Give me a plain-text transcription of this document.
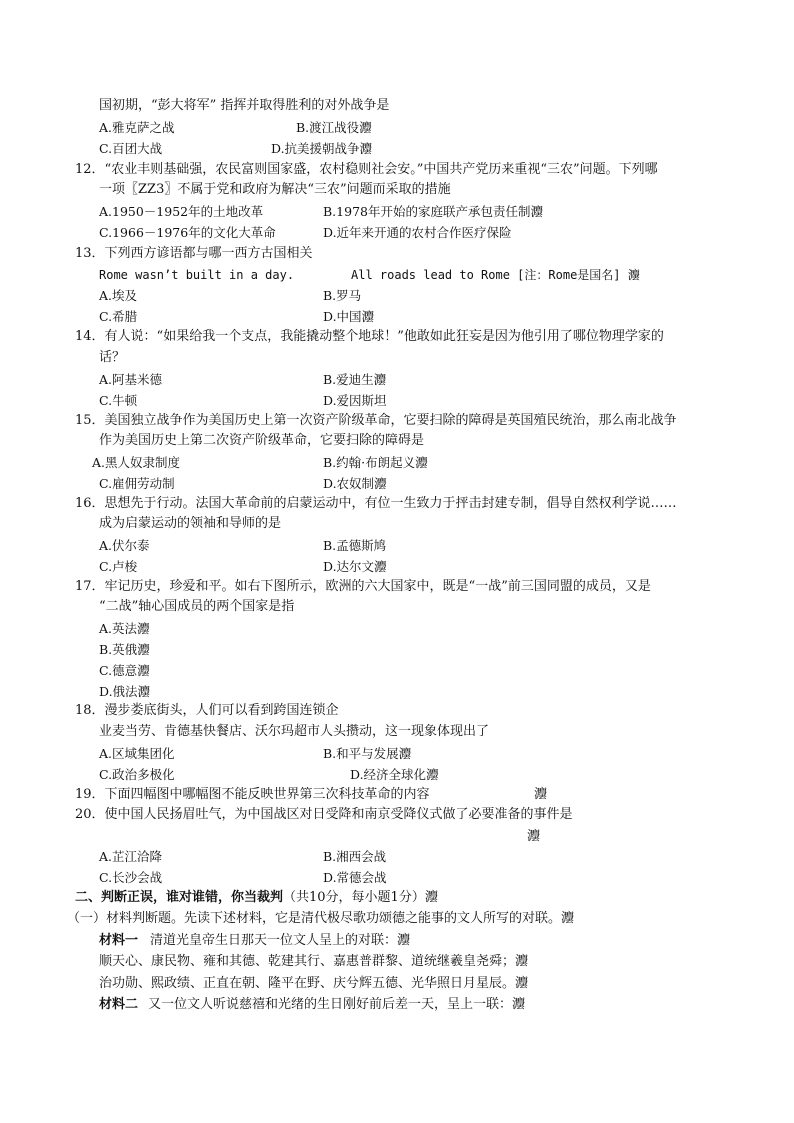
国初期，“彭大将军” 指挥并取得胜利的对外战争是
A.雅克萨之战	B.渡江战役灋
C.百团大战	D.抗美援朝战争灋
12．“农业丰则基础强，农民富则国家盛，农村稳则社会安。”中国共产党历来重视“三农”问题。下列哪
一项〖ZZ3〗不属于党和政府为解决“三农”问题而采取的措施
A.1950－1952年的土地改革	B.1978年开始的家庭联产承包责任制灋
C.1966－1976年的文化大革命	D.近年来开通的农村合作医疗保险
13．下列西方谚语都与哪一西方古国相关
Rome wasn’t built in a day.	All roads lead to Rome [注：Rome是国名] 灋
A.埃及	B.罗马
C.希腊	D.中国灋
14．有人说：“如果给我一个支点，我能撬动整个地球！”他敢如此狂妄是因为他引用了哪位物理学家的
话？
A.阿基米德	B.爱迪生灋
C.牛顿	D.爱因斯坦
15．美国独立战争作为美国历史上第一次资产阶级革命，它要扫除的障碍是英国殖民统治，那么南北战争
作为美国历史上第二次资产阶级革命，它要扫除的障碍是
A.黑人奴隶制度	B.约翰·布朗起义灋
C.雇佣劳动制	D.农奴制灋
16．思想先于行动。法国大革命前的启蒙运动中，有位一生致力于抨击封建专制，倡导自然权利学说……
成为启蒙运动的领袖和导师的是
A.伏尔泰	B.孟德斯鸠
C.卢梭	D.达尔文灋
17．牢记历史，珍爱和平。如右下图所示，欧洲的六大国家中，既是“一战”前三国同盟的成员，又是
“二战”轴心国成员的两个国家是指
A.英法灋
B.英俄灋
C.德意灋
D.俄法灋
18．漫步娄底街头，人们可以看到跨国连锁企
业麦当劳、肯德基快餐店、沃尔玛超市人头攒动，这一现象体现出了
A.区域集团化	B.和平与发展灋
C.政治多极化	D.经济全球化灋
19．下面四幅图中哪幅图不能反映世界第三次科技革命的内容	灋
20．使中国人民扬眉吐气，为中国战区对日受降和南京受降仪式做了必要准备的事件是
灋
A.芷江洽降	B.湘西会战
C.长沙会战	D.常德会战
二、判断正误，谁对谁错，你当裁判（共10分，每小题1分）灋
（一）材料判断题。先读下述材料，它是清代极尽歌功颂德之能事的文人所写的对联。灋
材料一 清道光皇帝生日那天一位文人呈上的对联：灋
顺天心、康民物、雍和其德、乾建其行、嘉惠普群黎、道统继羲皇尧舜；灋
治功勋、熙政绩、正直在朝、隆平在野、庆兮辉五德、光华照日月星辰。灋
材料二 又一位文人听说慈禧和光绪的生日刚好前后差一天，呈上一联：灋
